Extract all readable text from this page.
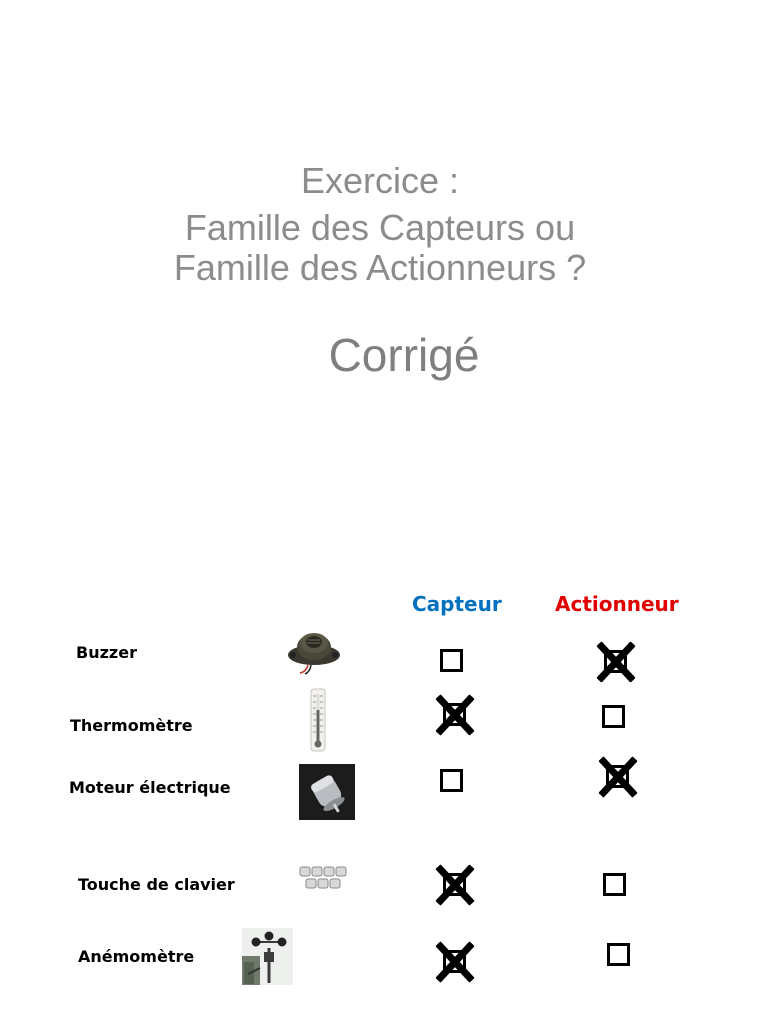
Exercice :
Famille des Capteurs ou
Famille des Actionneurs ?
Corrigé
Capteur	Actionneur
Buzzer
Thermomètre
Moteur électrique
Touche de clavier
Anémomètre
